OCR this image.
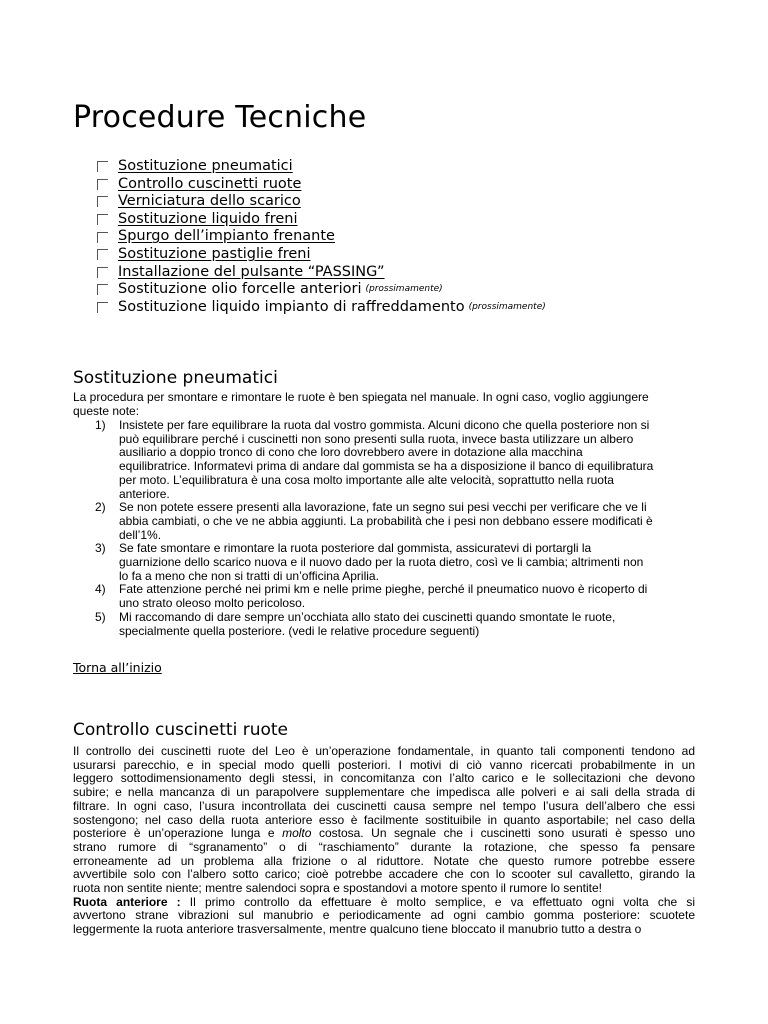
Procedure Tecniche
Sostituzione pneumatici
Controllo cuscinetti ruote
Verniciatura dello scarico
Sostituzione liquido freni
Spurgo dell’impianto frenante
Sostituzione pastiglie freni
Installazione del pulsante “PASSING”
Sostituzione olio forcelle anteriori (prossimamente)
Sostituzione liquido impianto di raffreddamento (prossimamente)
Sostituzione pneumatici

La procedura per smontare e rimontare le ruote è ben spiegata nel manuale. In ogni caso, voglio aggiungere
queste note:

1) Insistete per fare equilibrare la ruota dal vostro gommista. Alcuni dicono che quella posteriore non si
può equilibrare perché i cuscinetti non sono presenti sulla ruota, invece basta utilizzare un albero
ausiliario a doppio tronco di cono che loro dovrebbero avere in dotazione alla macchina
equilibratrice. Informatevi prima di andare dal gommista se ha a disposizione il banco di equilibratura
per moto. L’equilibratura è una cosa molto importante alle alte velocità, soprattutto nella ruota
anteriore.
2) Se non potete essere presenti alla lavorazione, fate un segno sui pesi vecchi per verificare che ve li
abbia cambiati, o che ve ne abbia aggiunti. La probabilità che i pesi non debbano essere modificati è
dell’1%.
3) Se fate smontare e rimontare la ruota posteriore dal gommista, assicuratevi di portargli la
guarnizione dello scarico nuova e il nuovo dado per la ruota dietro, così ve li cambia; altrimenti non
lo fa a meno che non si tratti di un’officina Aprilia.
4) Fate attenzione perché nei primi km e nelle prime pieghe, perché il pneumatico nuovo è ricoperto di
uno strato oleoso molto pericoloso.
5) Mi raccomando di dare sempre un’occhiata allo stato dei cuscinetti quando smontate le ruote,
specialmente quella posteriore. (vedi le relative procedure seguenti)
Torna all’inizio
Controllo cuscinetti ruote
Il controllo dei cuscinetti ruote del Leo è un’operazione fondamentale, in quanto tali componenti tendono ad
usurarsi parecchio, e in special modo quelli posteriori. I motivi di ciò vanno ricercati probabilmente in un
leggero sottodimensionamento degli stessi, in concomitanza con l’alto carico e le sollecitazioni che devono
subire; e nella mancanza di un parapolvere supplementare che impedisca alle polveri e ai sali della strada di
filtrare. In ogni caso, l’usura incontrollata dei cuscinetti causa sempre nel tempo l’usura dell’albero che essi
sostengono; nel caso della ruota anteriore esso è facilmente sostituibile in quanto asportabile; nel caso della
posteriore è un’operazione lunga e molto costosa. Un segnale che i cuscinetti sono usurati è spesso uno
strano rumore di “sgranamento” o di “raschiamento” durante la rotazione, che spesso fa pensare
erroneamente ad un problema alla frizione o al riduttore. Notate che questo rumore potrebbe essere
avvertibile solo con l’albero sotto carico; cioè potrebbe accadere che con lo scooter sul cavalletto, girando la
ruota non sentite niente; mentre salendoci sopra e spostandovi a motore spento il rumore lo sentite!
Ruota anteriore : Il primo controllo da effettuare è molto semplice, e va effettuato ogni volta che si
avvertono strane vibrazioni sul manubrio e periodicamente ad ogni cambio gomma posteriore: scuotete
leggermente la ruota anteriore trasversalmente, mentre qualcuno tiene bloccato il manubrio tutto a destra o
